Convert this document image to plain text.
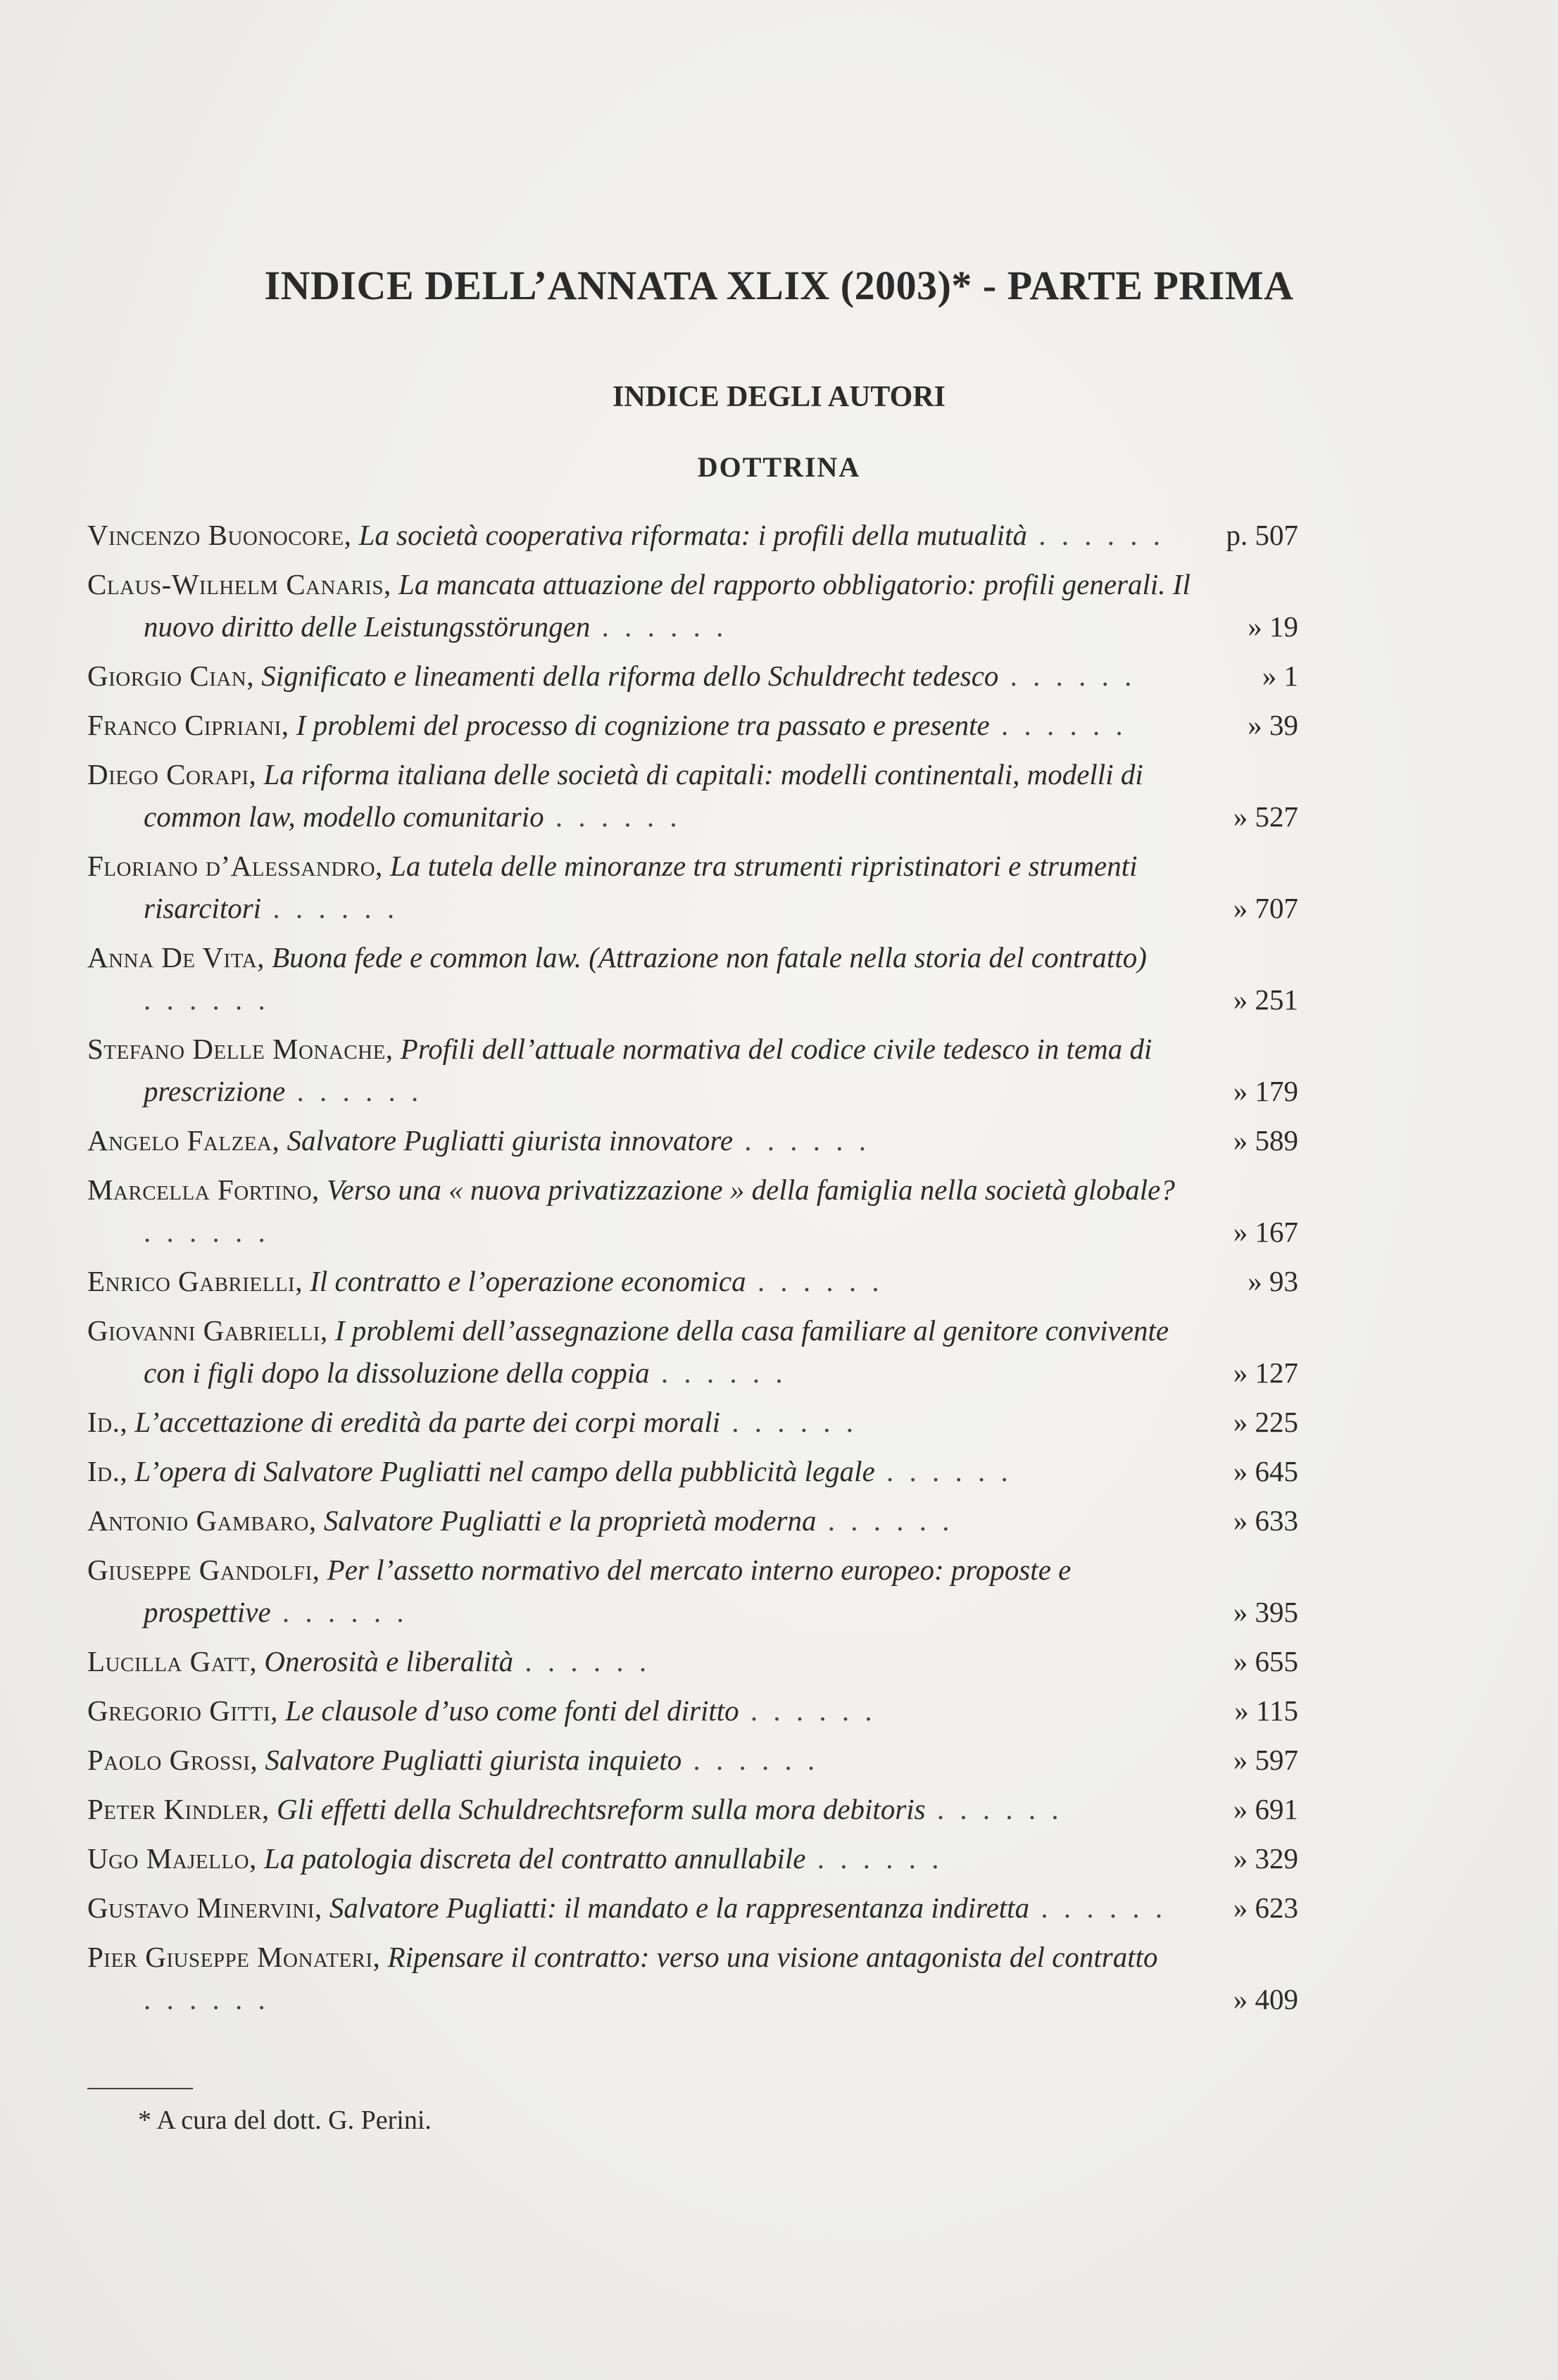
INDICE DELL’ANNATA XLIX (2003)* - PARTE PRIMA
INDICE DEGLI AUTORI
DOTTRINA
Vincenzo Buonocore, La società cooperativa riformata: i profili della mutualità . . . . . . p. 507
Claus-Wilhelm Canaris, La mancata attuazione del rapporto obbligatorio: profili generali. Il nuovo diritto delle Leistungsstörungen . . . . . .	» 19
Giorgio Cian, Significato e lineamenti della riforma dello Schuldrecht tedesco . . . . . .	» 1
Franco Cipriani, I problemi del processo di cognizione tra passato e presente . . . . . .	» 39
Diego Corapi, La riforma italiana delle società di capitali: modelli continentali, modelli di common law, modello comunitario . . . . . .	» 527
Floriano d’Alessandro, La tutela delle minoranze tra strumenti ripristinatori e strumenti risarcitori . . . . . .	» 707
Anna De Vita, Buona fede e common law. (Attrazione non fatale nella storia del contratto) . . . . . .	» 251
Stefano Delle Monache, Profili dell’attuale normativa del codice civile tedesco in tema di prescrizione . . . . . .	» 179
Angelo Falzea, Salvatore Pugliatti giurista innovatore . . . . . .	» 589
Marcella Fortino, Verso una « nuova privatizzazione » della famiglia nella società globale? . . . . . .	» 167
Enrico Gabrielli, Il contratto e l’operazione economica . . . . . .	» 93
Giovanni Gabrielli, I problemi dell’assegnazione della casa familiare al genitore convivente con i figli dopo la dissoluzione della coppia . . . . . .	» 127
Id., L’accettazione di eredità da parte dei corpi morali . . . . . .	» 225
Id., L’opera di Salvatore Pugliatti nel campo della pubblicità legale . . . . . .	» 645
Antonio Gambaro, Salvatore Pugliatti e la proprietà moderna . . . . . .	» 633
Giuseppe Gandolfi, Per l’assetto normativo del mercato interno europeo: proposte e prospettive . . . . . .	» 395
Lucilla Gatt, Onerosità e liberalità . . . . . .	» 655
Gregorio Gitti, Le clausole d’uso come fonti del diritto . . . . . .	» 115
Paolo Grossi, Salvatore Pugliatti giurista inquieto . . . . . .	» 597
Peter Kindler, Gli effetti della Schuldrechtsreform sulla mora debitoris . . . . . .	» 691
Ugo Majello, La patologia discreta del contratto annullabile . . . . . .	» 329
Gustavo Minervini, Salvatore Pugliatti: il mandato e la rappresentanza indiretta . . . . . . » 623
Pier Giuseppe Monateri, Ripensare il contratto: verso una visione antagonista del contratto . . . . . .	» 409
* A cura del dott. G. Perini.
